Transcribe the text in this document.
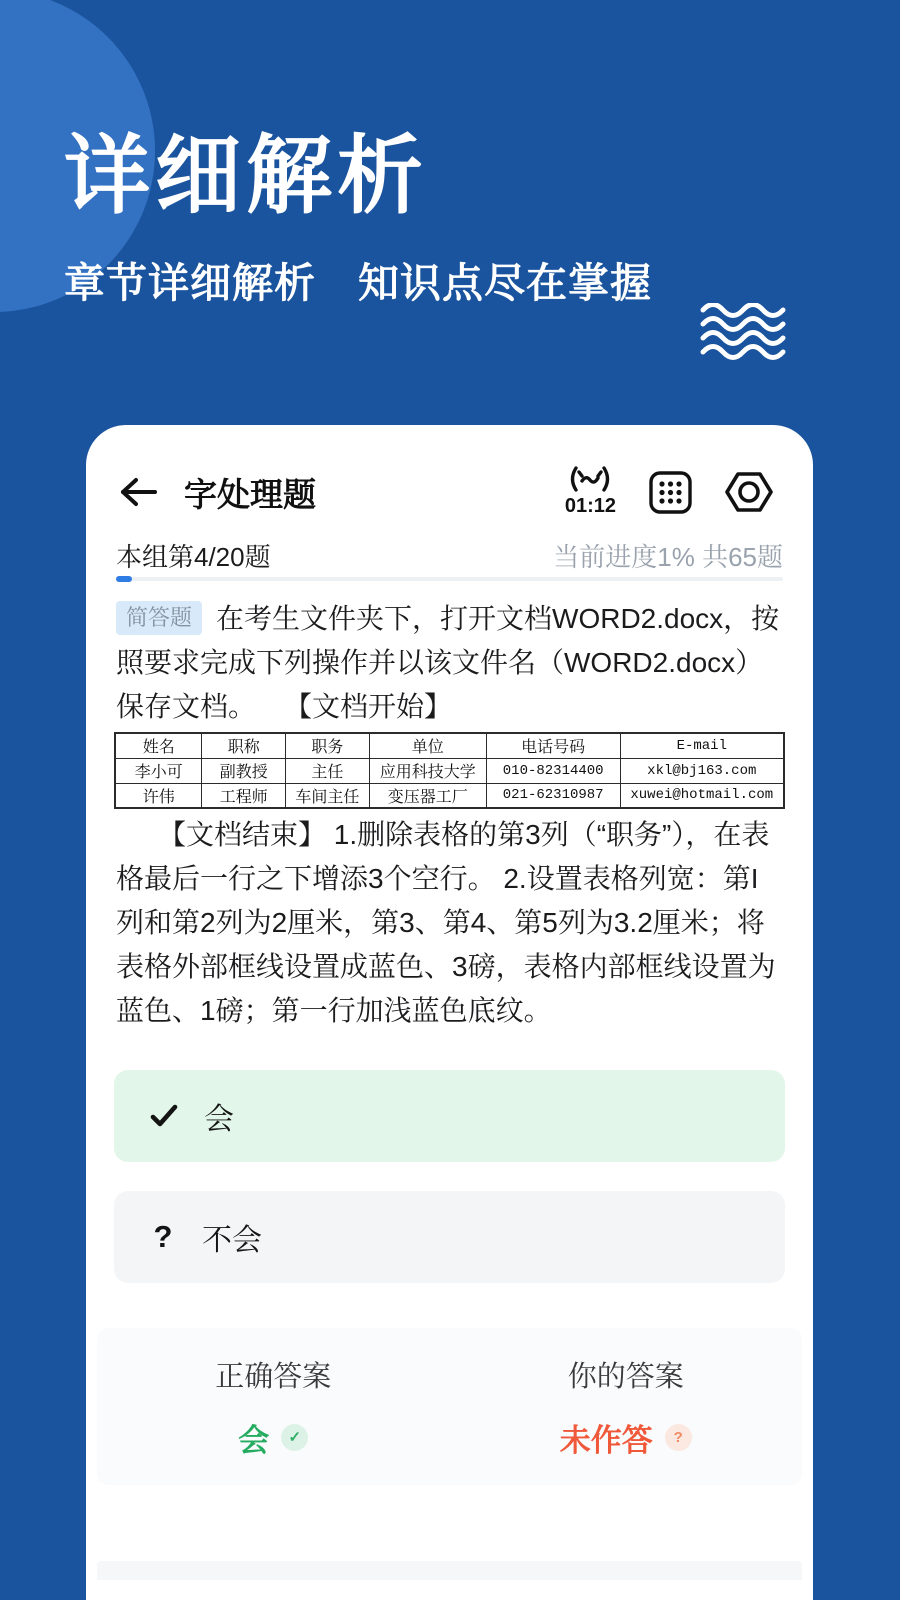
详细解析
章节详细解析　知识点尽在掌握
字处理题	01:12
本组第4/20题	当前进度1% 共65题
简答题 在考生文件夹下，打开文档WORD2.docx，按照要求完成下列操作并以该文件名（WORD2.docx）保存文档。　　【文档开始】
姓名	职称	职务	单位	电话号码	E-mail
李小可	副教授	主任	应用科技大学	010-82314400	xkl@bj163.com
许伟	工程师	车间主任	变压器工厂	021-62310987	xuwei@hotmail.com
　　【文档结束】 1.删除表格的第3列（“职务”），在表格最后一行之下增添3个空行。 2.设置表格列宽：第I列和第2列为2厘米，第3、第4、第5列为3.2厘米；将表格外部框线设置成蓝色、3磅，表格内部框线设置为蓝色、1磅；第一行加浅蓝色底纹。
会
? 不会
正确答案
会	✓
你的答案
未作答	?
